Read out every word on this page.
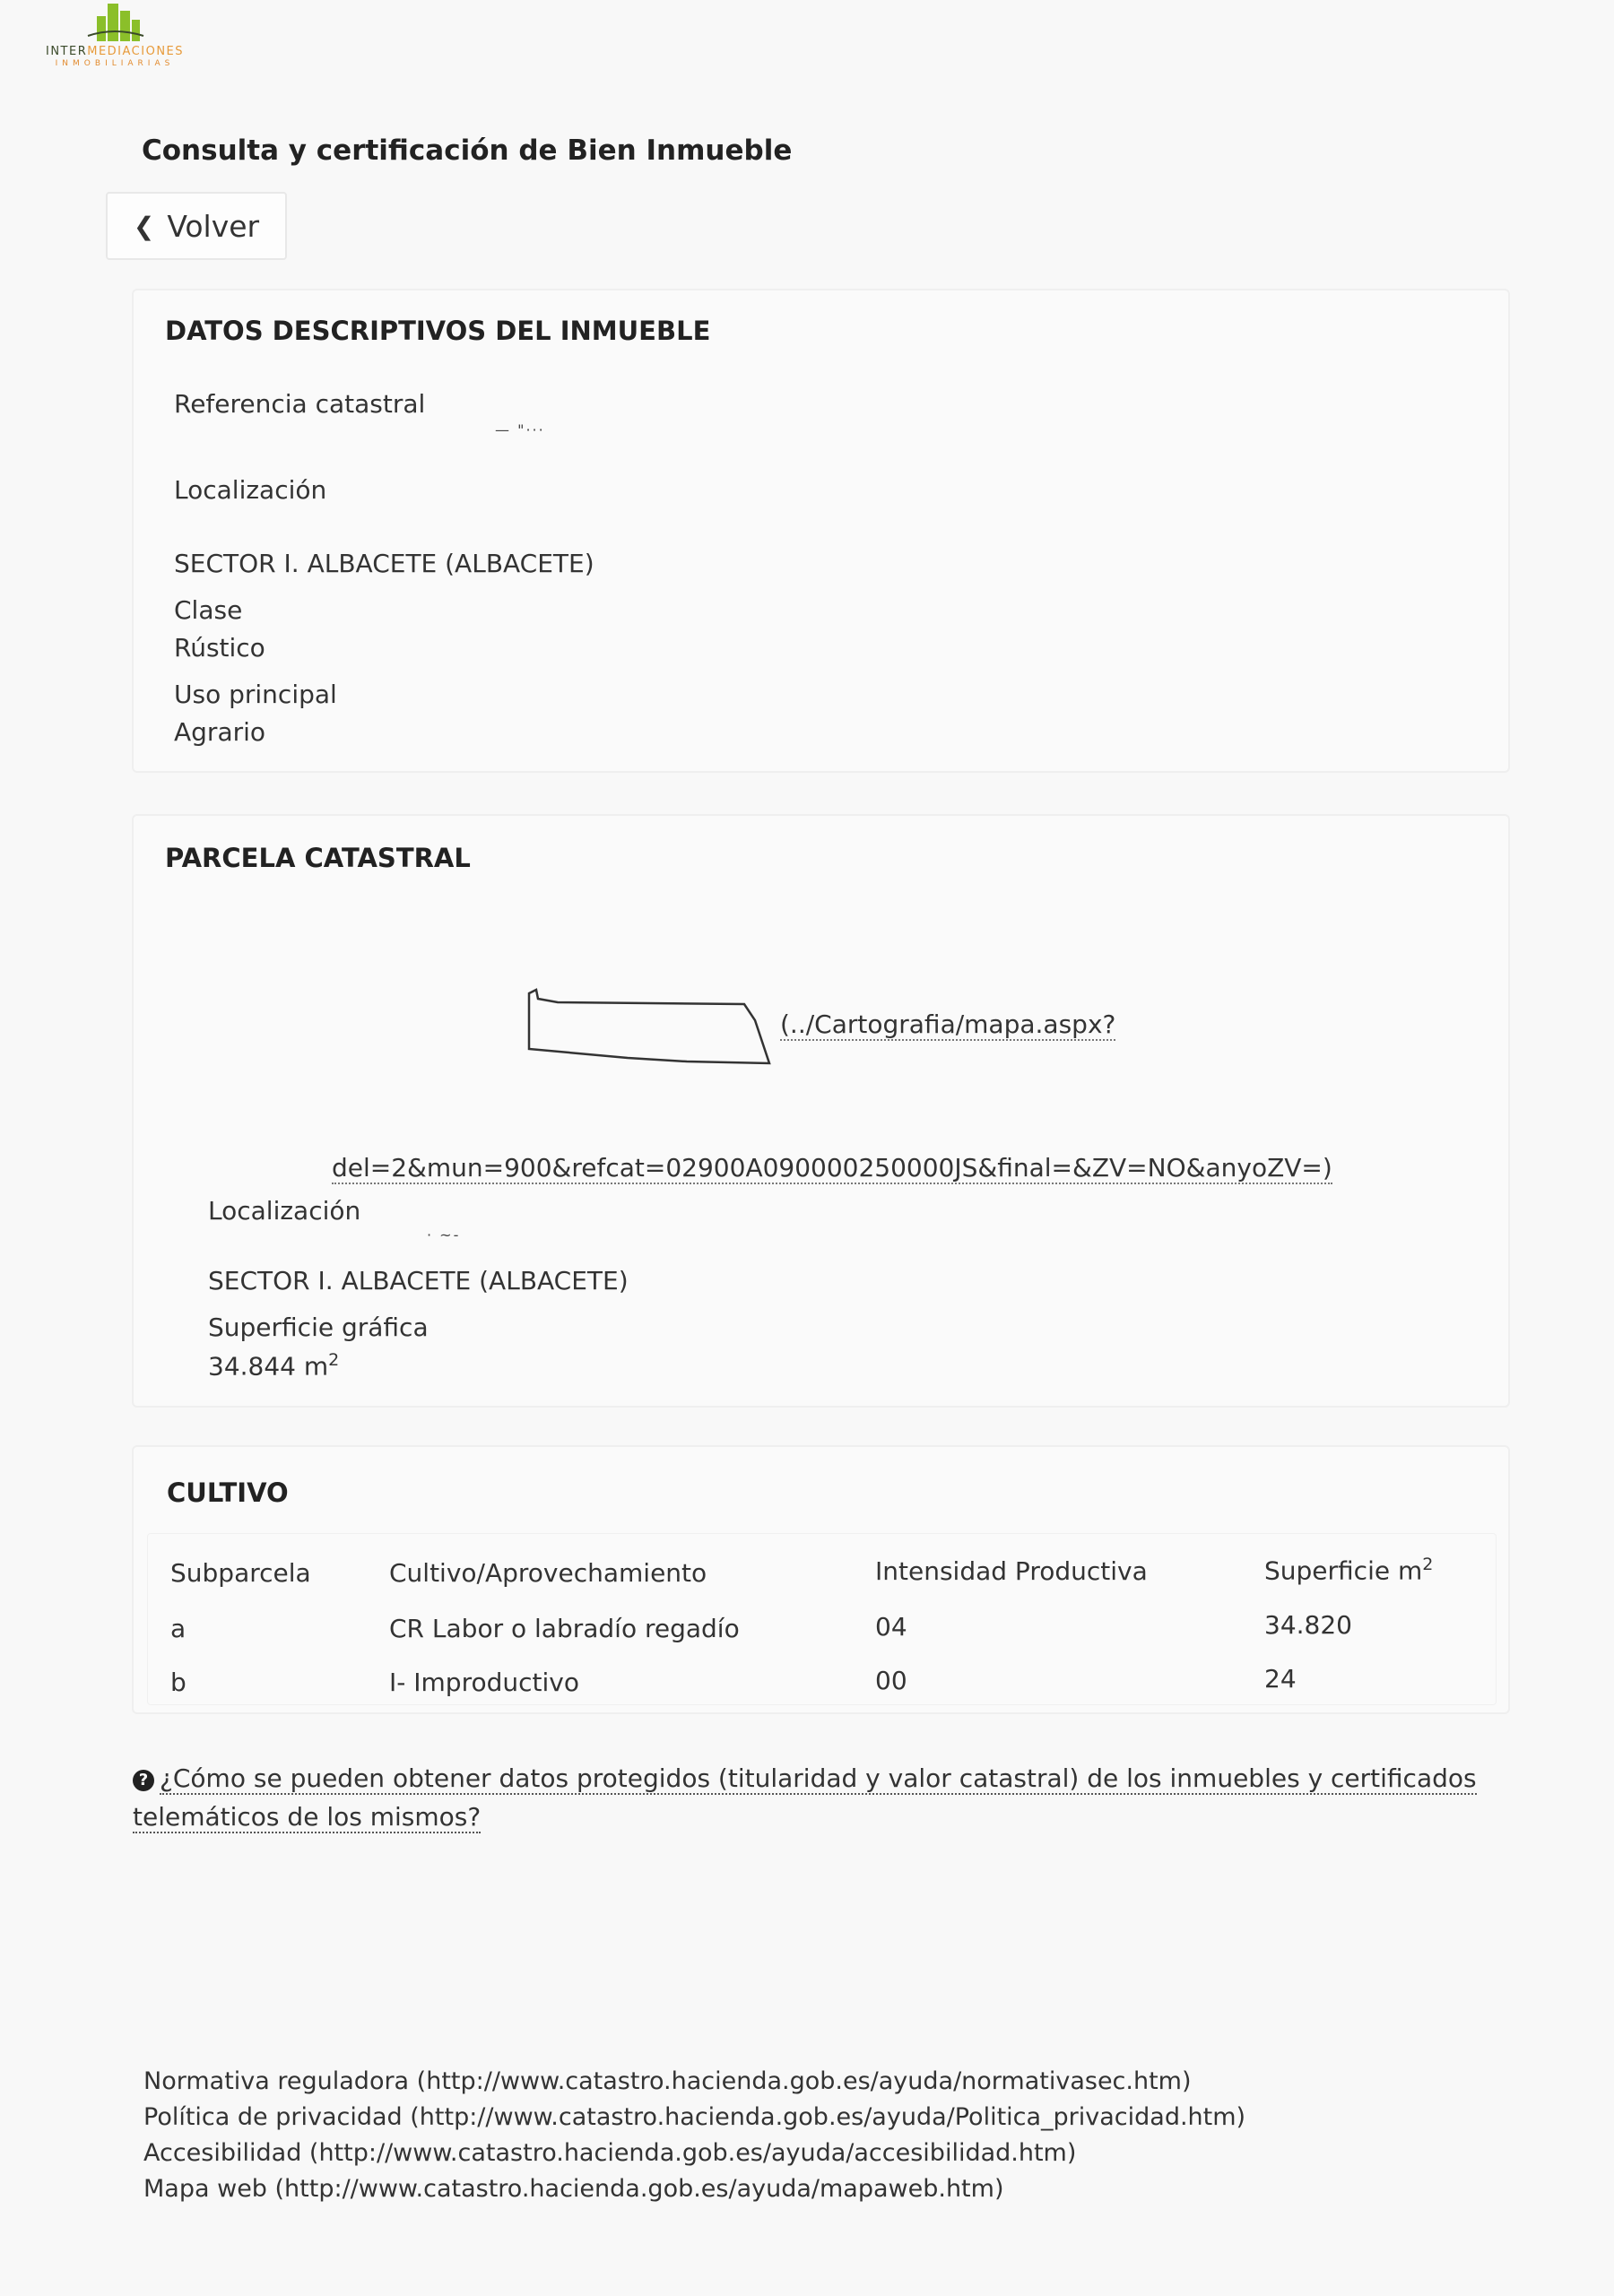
INTERMEDIACIONES
INMOBILIARIAS
Consulta y certificación de Bien Inmueble
❮ Volver
DATOS DESCRIPTIVOS DEL INMUEBLE
Referencia catastral
— "···
Localización
SECTOR I. ALBACETE (ALBACETE)
Clase
Rústico
Uso principal
Agrario
PARCELA CATASTRAL
(../Cartografia/mapa.aspx?
del=2&mun=900&refcat=02900A090000250000JS&final=&ZV=NO&anyoZV=)
Localización
· ~-
SECTOR I. ALBACETE (ALBACETE)
Superficie gráfica
34.844 $m^2$
CULTIVO
Subparcela	Cultivo/Aprovechamiento	Intensidad Productiva	Superficie $m^2$
a	CR Labor o labradío regadío	04	34.820
b	I- Improductivo	00	24
? ¿Cómo se pueden obtener datos protegidos (titularidad y valor catastral) de los inmuebles y certificados telemáticos de los mismos?
Normativa reguladora (http://www.catastro.hacienda.gob.es/ayuda/normativasec.htm)
Política de privacidad (http://www.catastro.hacienda.gob.es/ayuda/Politica_privacidad.htm)
Accesibilidad (http://www.catastro.hacienda.gob.es/ayuda/accesibilidad.htm)
Mapa web (http://www.catastro.hacienda.gob.es/ayuda/mapaweb.htm)
